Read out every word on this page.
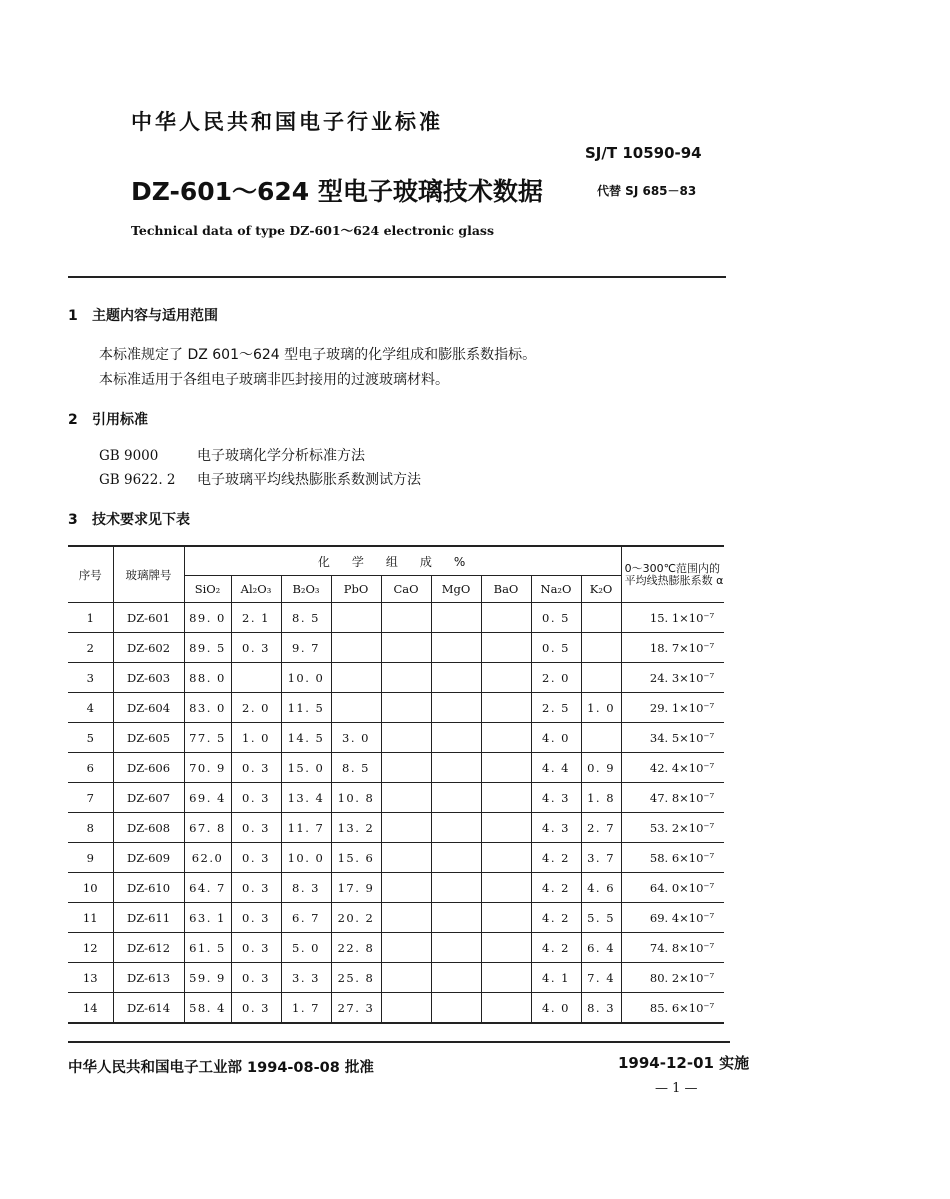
中华人民共和国电子行业标准
SJ/T 10590-94
DZ-601～624 型电子玻璃技术数据	代替 SJ 685－83
Technical data of type DZ-601～624 electronic glass
1 主题内容与适用范围
本标准规定了 DZ 601～624 型电子玻璃的化学组成和膨胀系数指标。
本标准适用于各组电子玻璃非匹封接用的过渡玻璃材料。
2 引用标准
GB 9000	电子玻璃化学分析标准方法
GB 9622. 2 电子玻璃平均线热膨胀系数测试方法
3 技术要求见下表
序号	玻璃牌号	化学组成%									0～300℃范围内的平均线热膨胀系数 α
		SiO₂	Al₂O₃	B₂O₃	PbO	CaO	MgO	BaO	Na₂O	K₂O	
1	DZ-601	89. 0	2. 1	8. 5					0. 5		15. 1×10⁻⁷
2	DZ-602	89. 5	0. 3	9. 7					0. 5		18. 7×10⁻⁷
3	DZ-603	88. 0		10. 0					2. 0		24. 3×10⁻⁷
4	DZ-604	83. 0	2. 0	11. 5					2. 5	1. 0	29. 1×10⁻⁷
5	DZ-605	77. 5	1. 0	14. 5	3. 0				4. 0		34. 5×10⁻⁷
6	DZ-606	70. 9	0. 3	15. 0	8. 5				4. 4	0. 9	42. 4×10⁻⁷
7	DZ-607	69. 4	0. 3	13. 4	10. 8				4. 3	1. 8	47. 8×10⁻⁷
8	DZ-608	67. 8	0. 3	11. 7	13. 2				4. 3	2. 7	53. 2×10⁻⁷
9	DZ-609	62.0	0. 3	10. 0	15. 6				4. 2	3. 7	58. 6×10⁻⁷
10	DZ-610	64. 7	0. 3	8. 3	17. 9				4. 2	4. 6	64. 0×10⁻⁷
11	DZ-611	63. 1	0. 3	6. 7	20. 2				4. 2	5. 5	69. 4×10⁻⁷
12	DZ-612	61. 5	0. 3	5. 0	22. 8				4. 2	6. 4	74. 8×10⁻⁷
13	DZ-613	59. 9	0. 3	3. 3	25. 8				4. 1	7. 4	80. 2×10⁻⁷
14	DZ-614	58. 4	0. 3	1. 7	27. 3				4. 0	8. 3	85. 6×10⁻⁷
中华人民共和国电子工业部 1994-08-08 批准	1994-12-01 实施
— 1 —
